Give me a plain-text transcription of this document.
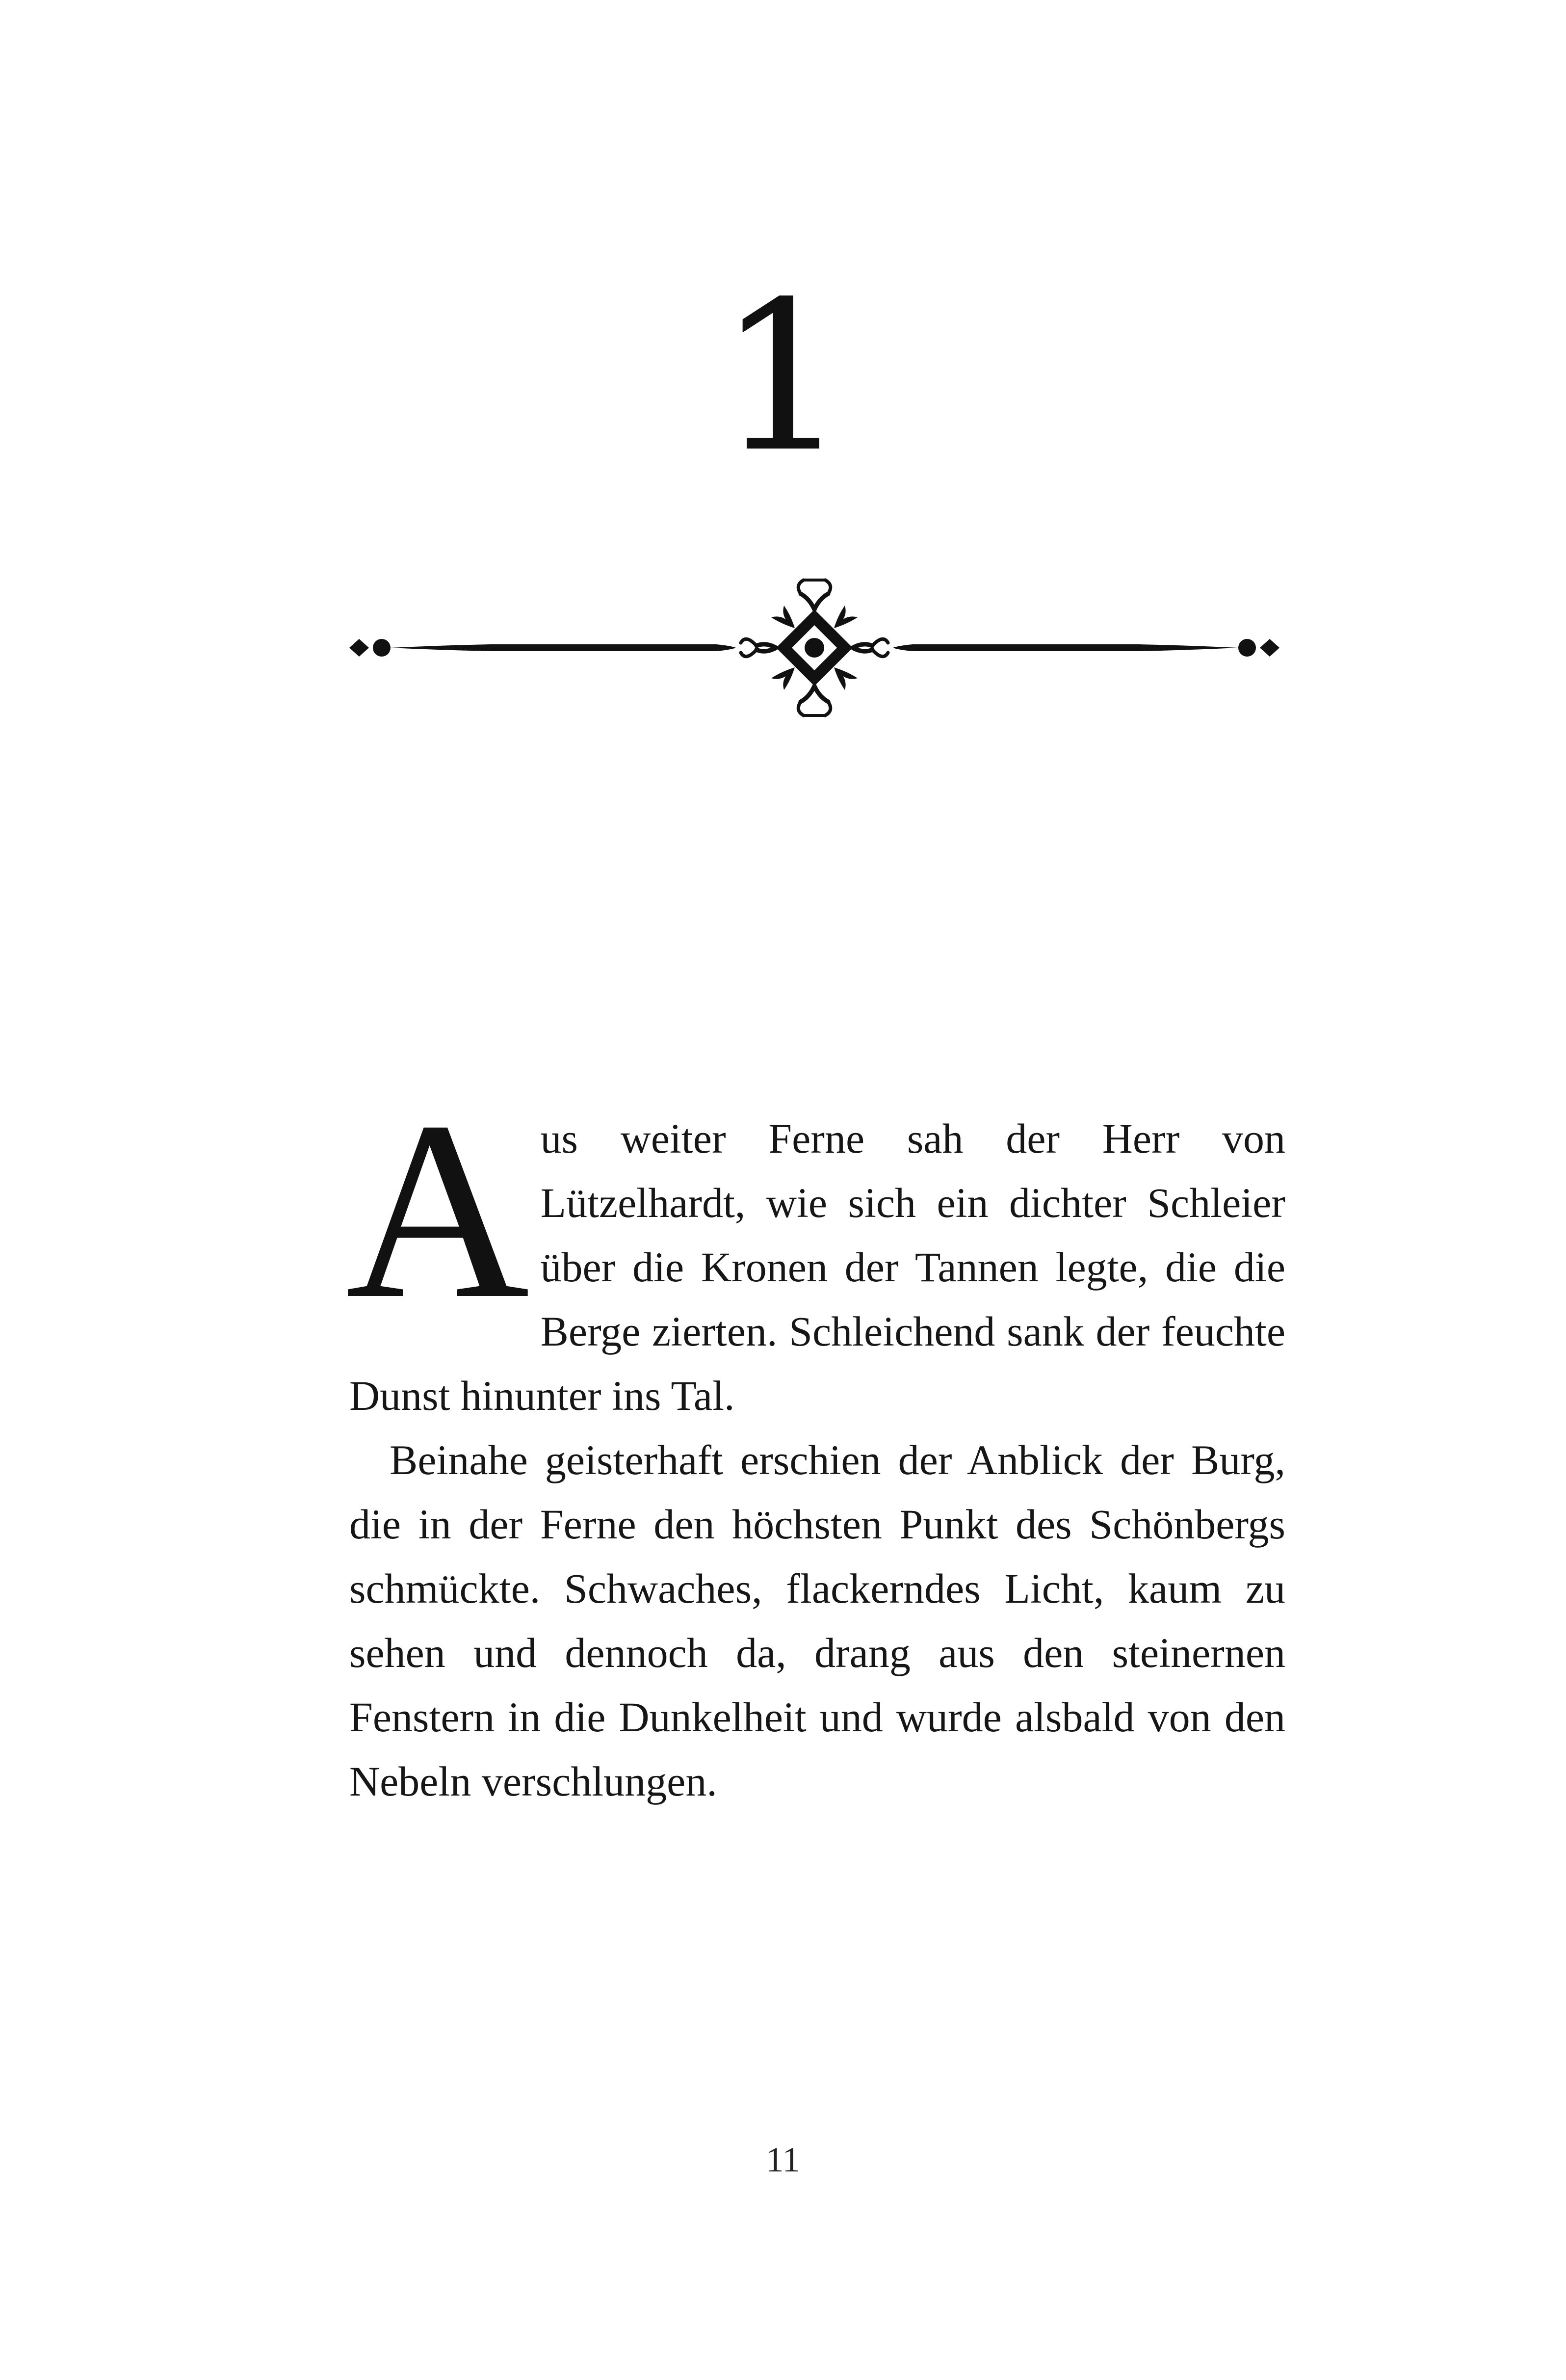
1

Aus weiter Ferne sah der Herr von Lützelhardt, wie sich ein dichter Schleier über die Kronen der Tannen legte, die die Berge zierten. Schleichend sank der feuchte Dunst hinunter ins Tal.

Beinahe geisterhaft erschien der Anblick der Burg, die in der Ferne den höchsten Punkt des Schönbergs schmückte. Schwaches, flackerndes Licht, kaum zu sehen und dennoch da, drang aus den steinernen Fenstern in die Dunkelheit und wurde alsbald von den Nebeln verschlungen.

11
